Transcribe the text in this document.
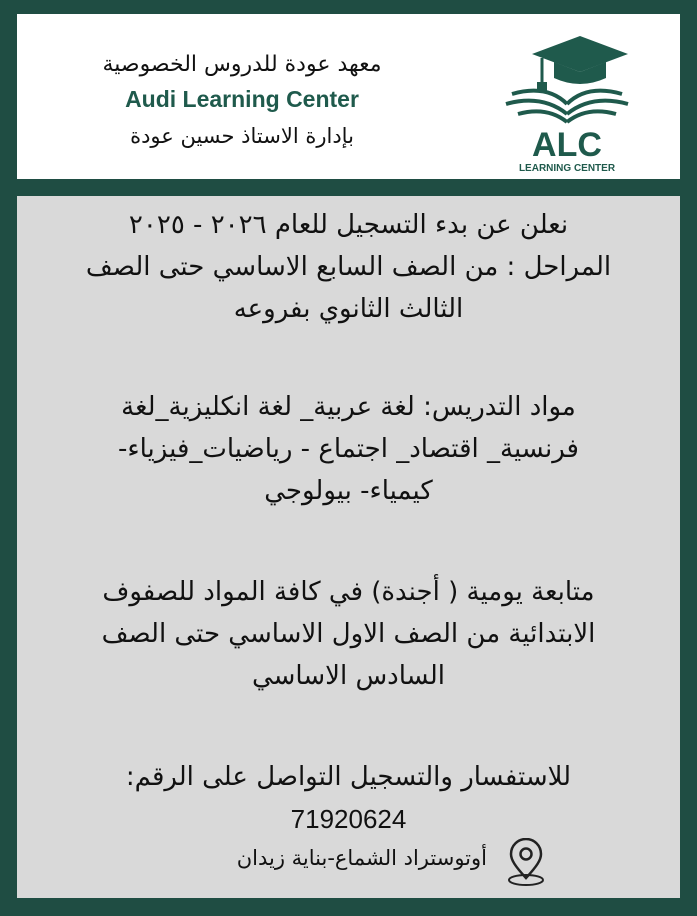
معهد عودة للدروس الخصوصية
Audi Learning Center
بإدارة الاستاذ حسين عودة	ALC
LEARNING CENTER
نعلن عن بدء التسجيل للعام ٢٠٢٦ - ٢٠٢٥
المراحل : من الصف السابع الاساسي حتى الصف
الثالث الثانوي بفروعه
مواد التدريس: لغة عربية_ لغة انكليزية_لغة
فرنسية_ اقتصاد_ اجتماع - رياضيات_فيزياء-
كيمياء- بيولوجي
متابعة يومية ( أجندة) في كافة المواد للصفوف
الابتدائية من الصف الاول الاساسي حتى الصف
السادس الاساسي
للاستفسار والتسجيل التواصل على الرقم:
71920624
أوتوستراد الشماع-بناية زيدان
